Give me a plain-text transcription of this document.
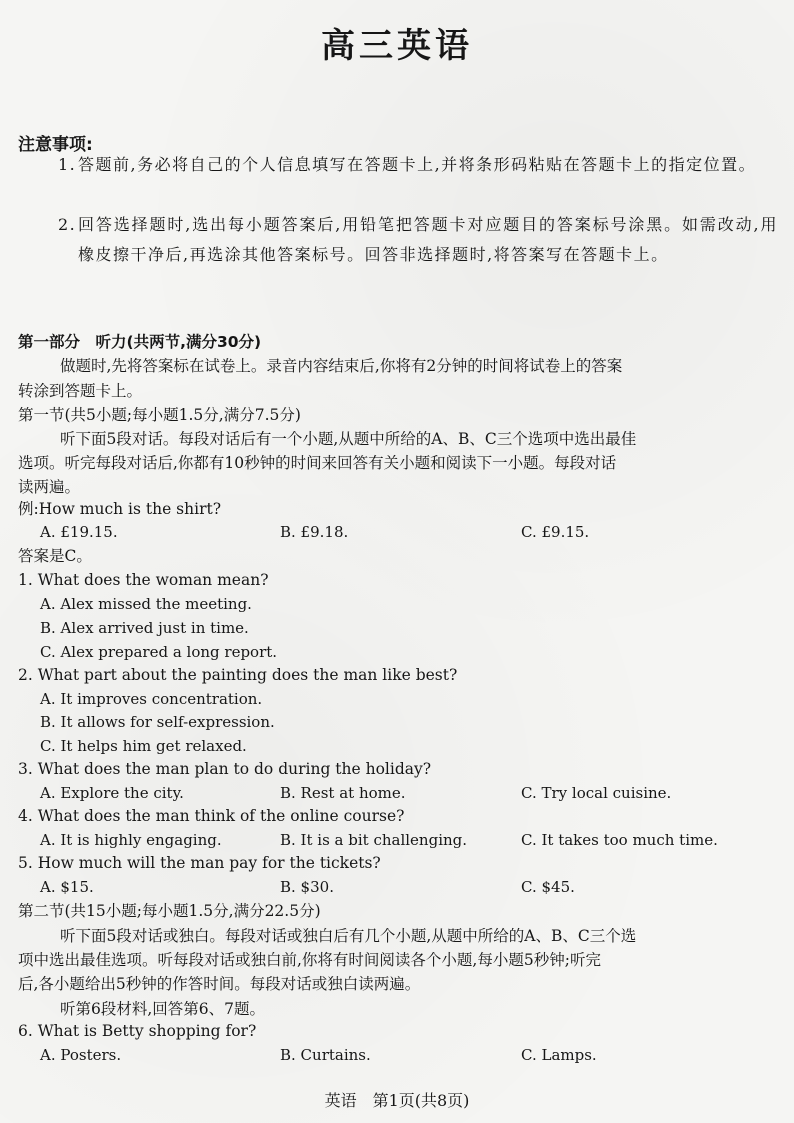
高三英语
注意事项:
1. 答题前,务必将自己的个人信息填写在答题卡上,并将条形码粘贴在答题卡上的指定位置。
2. 回答选择题时,选出每小题答案后,用铅笔把答题卡对应题目的答案标号涂黑。如需改动,用橡皮擦干净后,再选涂其他答案标号。回答非选择题时,将答案写在答题卡上。
第一部分　听力(共两节,满分30分)
做题时,先将答案标在试卷上。录音内容结束后,你将有2分钟的时间将试卷上的答案
转涂到答题卡上。
第一节(共5小题;每小题1.5分,满分7.5分)
听下面5段对话。每段对话后有一个小题,从题中所给的A、B、C三个选项中选出最佳
选项。听完每段对话后,你都有10秒钟的时间来回答有关小题和阅读下一小题。每段对话
读两遍。
例:How much is the shirt?
A. £19.15.	B. £9.18.	C. £9.15.
答案是C。
1. What does the woman mean?
A. Alex missed the meeting.
B. Alex arrived just in time.
C. Alex prepared a long report.
2. What part about the painting does the man like best?
A. It improves concentration.
B. It allows for self-expression.
C. It helps him get relaxed.
3. What does the man plan to do during the holiday?
A. Explore the city.	B. Rest at home.	C. Try local cuisine.
4. What does the man think of the online course?
A. It is highly engaging.	B. It is a bit challenging.	C. It takes too much time.
5. How much will the man pay for the tickets?
A. $15.	B. $30.	C. $45.
第二节(共15小题;每小题1.5分,满分22.5分)
听下面5段对话或独白。每段对话或独白后有几个小题,从题中所给的A、B、C三个选
项中选出最佳选项。听每段对话或独白前,你将有时间阅读各个小题,每小题5秒钟;听完
后,各小题给出5秒钟的作答时间。每段对话或独白读两遍。
听第6段材料,回答第6、7题。
6. What is Betty shopping for?
A. Posters.	B. Curtains.	C. Lamps.
英语　第1页(共8页)
